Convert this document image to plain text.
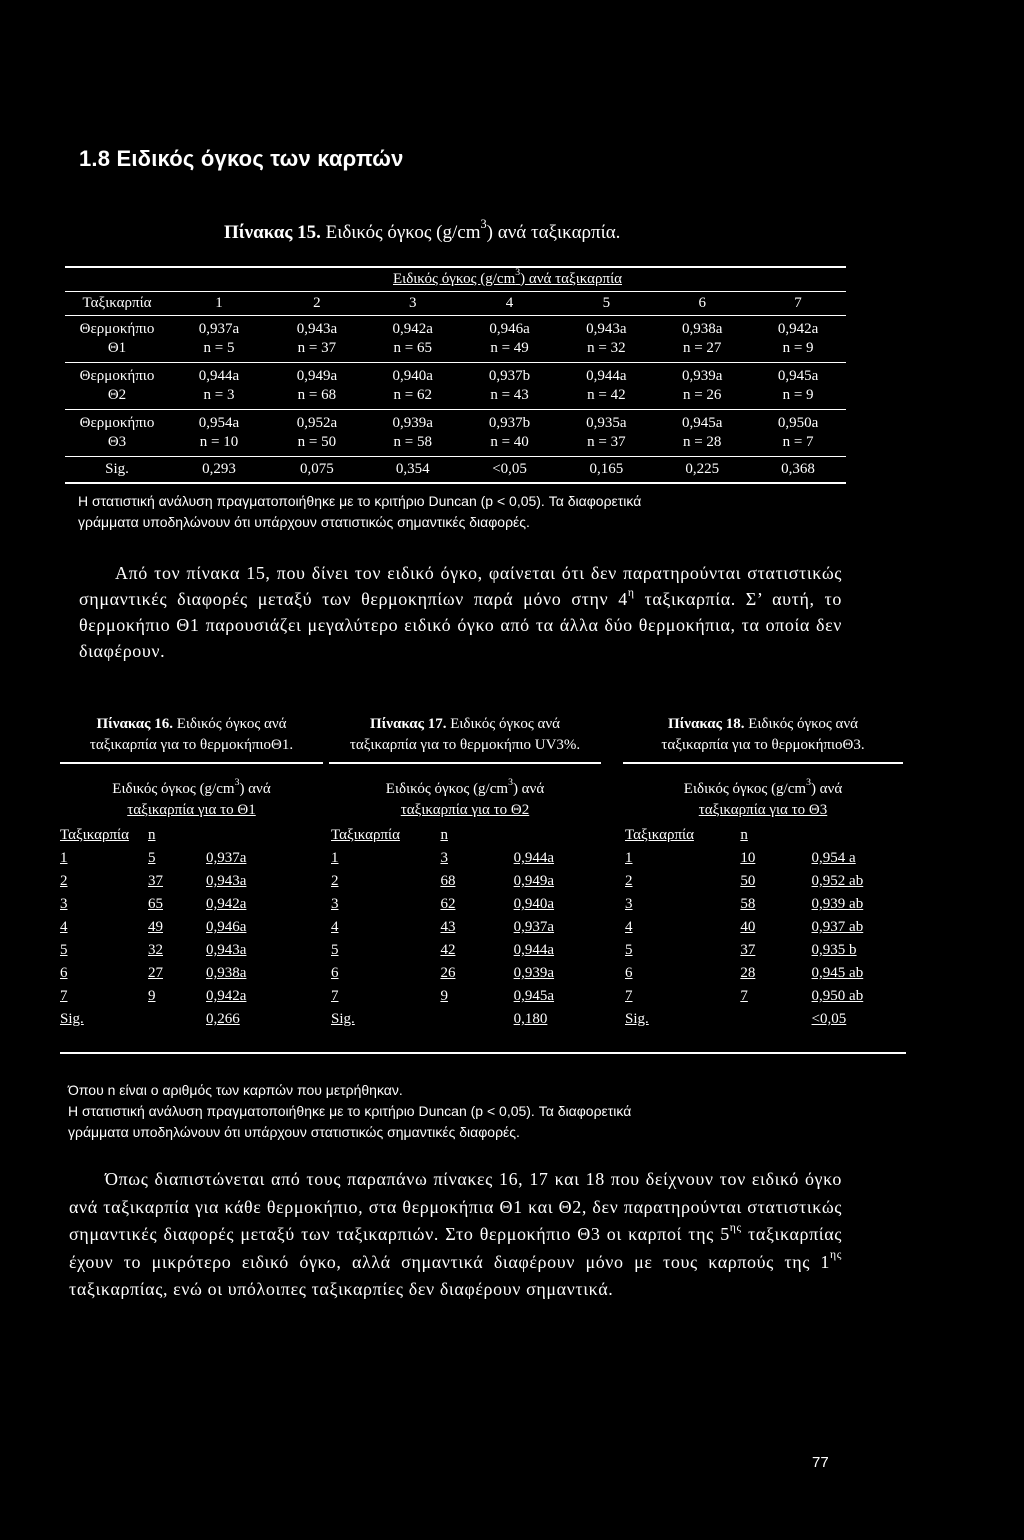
1.8 Ειδικός όγκος των καρπών
Πίνακας 15. Ειδικός όγκος $(g/cm^3)$ ανά ταξικαρπία.
	Ειδικός όγκος $(g/cm^3)$ ανά ταξικαρπία						
Ταξικαρπία	1	2	3	4	5	6	7
Θερμοκήπιο	0,937a	0,943a	0,942a	0,946a	0,943a	0,938a	0,942a
Θ1	n = 5	n = 37	n = 65	n = 49	n = 32	n = 27	n = 9
Θερμοκήπιο	0,944a	0,949a	0,940a	0,937b	0,944a	0,939a	0,945a
Θ2	n = 3	n = 68	n = 62	n = 43	n = 42	n = 26	n = 9
Θερμοκήπιο	0,954a	0,952a	0,939a	0,937b	0,935a	0,945a	0,950a
Θ3	n = 10	n = 50	n = 58	n = 40	n = 37	n = 28	n = 7
Sig.	0,293	0,075	0,354	<0,05	0,165	0,225	0,368
Η στατιστική ανάλυση πραγματοποιήθηκε με το κριτήριο Duncan (p < 0,05). Τα διαφορετικά
γράμματα υποδηλώνουν ότι υπάρχουν στατιστικώς σημαντικές διαφορές.
Από τον πίνακα 15, που δίνει τον ειδικό όγκο, φαίνεται ότι δεν παρατηρούνται στατιστικώς σημαντικές διαφορές μεταξύ των θερμοκηπίων παρά μόνο στην $4^\eta$ ταξικαρπία. Σ’ αυτή, το θερμοκήπιο Θ1 παρουσιάζει μεγαλύτερο ειδικό όγκο από τα άλλα δύο θερμοκήπια, τα οποία δεν διαφέρουν.
Πίνακας 16. Ειδικός όγκος ανά
ταξικαρπία για το θερμοκήπιοΘ1.
Ειδικός όγκος $(g/cm^3)$ ανά
ταξικαρπία για το Θ1
Ταξικαρπία	n	
1	5	0,937a
2	37	0,943a
3	65	0,942a
4	49	0,946a
5	32	0,943a
6	27	0,938a
7	9	0,942a
Sig.		0,266
Πίνακας 17. Ειδικός όγκος ανά
ταξικαρπία για το θερμοκήπιο UV3%.
Ειδικός όγκος $(g/cm^3)$ ανά
ταξικαρπία για το Θ2
Ταξικαρπία	n	
1	3	0,944a
2	68	0,949a
3	62	0,940a
4	43	0,937a
5	42	0,944a
6	26	0,939a
7	9	0,945a
Sig.		0,180
Πίνακας 18. Ειδικός όγκος ανά
ταξικαρπία για το θερμοκήπιοΘ3.
Ειδικός όγκος $(g/cm^3)$ ανά
ταξικαρπία για το Θ3
Ταξικαρπία	n	
1	10	0,954 a
2	50	0,952 ab
3	58	0,939 ab
4	40	0,937 ab
5	37	0,935 b
6	28	0,945 ab
7	7	0,950 ab
Sig.		<0,05
Όπου n είναι ο αριθμός των καρπών που μετρήθηκαν.
Η στατιστική ανάλυση πραγματοποιήθηκε με το κριτήριο Duncan (p < 0,05). Τα διαφορετικά
γράμματα υποδηλώνουν ότι υπάρχουν στατιστικώς σημαντικές διαφορές.
Όπως διαπιστώνεται από τους παραπάνω πίνακες 16, 17 και 18 που δείχνουν τον ειδικό όγκο ανά ταξικαρπία για κάθε θερμοκήπιο, στα θερμοκήπια Θ1 και Θ2, δεν παρατηρούνται στατιστικώς σημαντικές διαφορές μεταξύ των ταξικαρπιών. Στο θερμοκήπιο Θ3 οι καρποί της $5^{\eta\varsigma}$ ταξικαρπίας έχουν το μικρότερο ειδικό όγκο, αλλά σημαντικά διαφέρουν μόνο με τους καρπούς της $1^{\eta\varsigma}$ ταξικαρπίας, ενώ οι υπόλοιπες ταξικαρπίες δεν διαφέρουν σημαντικά.
77
